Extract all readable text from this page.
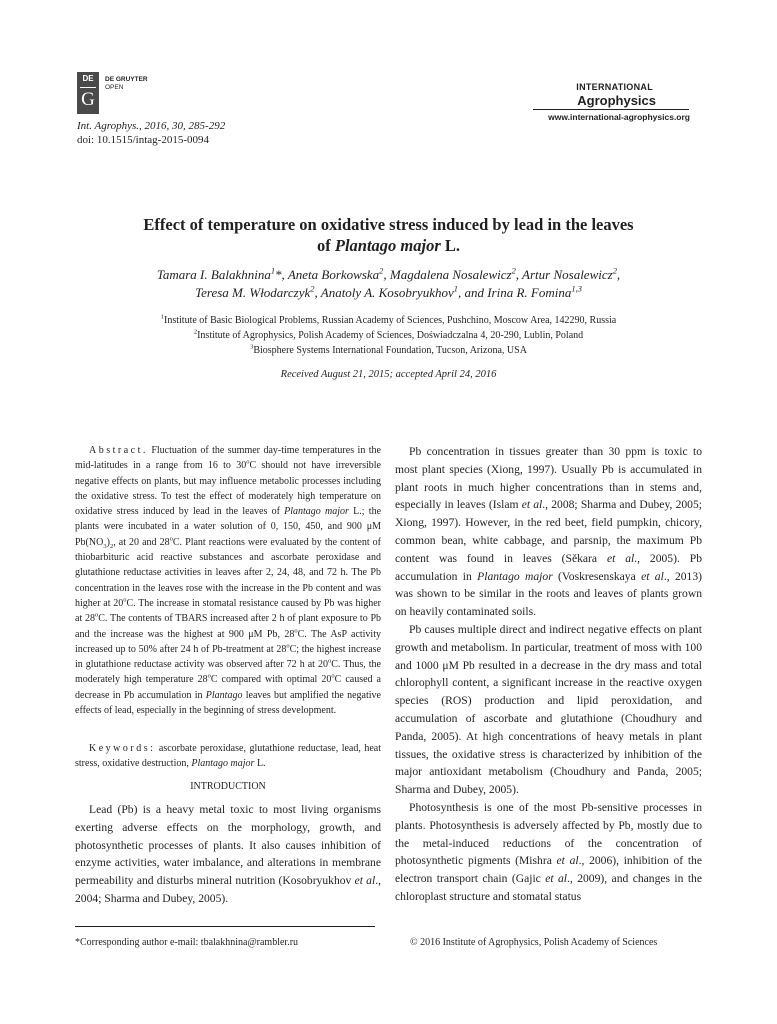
DE
G
DE GRUYTER
OPEN
Int. Agrophys., 2016, 30, 285-292
doi: 10.1515/intag-2015-0094
INTERNATIONAL
Agrophysics
www.international-agrophysics.org
Effect of temperature on oxidative stress induced by lead in the leaves
of Plantago major L.
Tamara I. Balakhnina$^1$*, Aneta Borkowska$^2$, Magdalena Nosalewicz$^2$, Artur Nosalewicz$^2$,
Teresa M. Włodarczyk$^2$, Anatoly A. Kosobryukhov$^1$, and Irina R. Fomina$^{1,3}$
$^1$Institute of Basic Biological Problems, Russian Academy of Sciences, Pushchino, Moscow Area, 142290, Russia
$^2$Institute of Agrophysics, Polish Academy of Sciences, Doświadczalna 4, 20-290, Lublin, Poland
$^3$Biosphere Systems International Foundation, Tucson, Arizona, USA
Received August 21, 2015; accepted April 24, 2016

Abstract. Fluctuation of the summer day-time temperatures in the mid-latitudes in a range from 16 to 30$^o$C should not have irreversible negative effects on plants, but may influence metabolic processes including the oxidative stress. To test the effect of moderately high temperature on oxidative stress induced by lead in the leaves of Plantago major L.; the plants were incubated in a water solution of 0, 150, 450, and 900 μM $Pb(NO_3)_2$, at 20 and 28$^o$C. Plant reactions were evaluated by the content of thiobarbituric acid reactive substances and ascorbate peroxidase and glutathione reductase activities in leaves after 2, 24, 48, and 72 h. The Pb concentration in the leaves rose with the increase in the Pb content and was higher at 20$^o$C. The increase in stomatal resistance caused by Pb was higher at 28$^o$C. The contents of TBARS increased after 2 h of plant exposure to Pb and the increase was the highest at 900 μM Pb, 28$^o$C. The AsP activity increased up to 50% after 24 h of Pb-treatment at 28$^o$C; the highest increase in glutathione reductase activity was observed after 72 h at 20$^o$C. Thus, the moderately high temperature 28$^o$C compared with optimal 20$^o$C caused a decrease in Pb accumulation in Plantago leaves but amplified the negative effects of lead, especially in the beginning of stress development.

Keywords: ascorbate peroxidase, glutathione reductase, lead, heat stress, oxidative destruction, Plantago major L.

INTRODUCTION

Lead (Pb) is a heavy metal toxic to most living organisms exerting adverse effects on the morphology, growth, and photosynthetic processes of plants. It also causes inhibition of enzyme activities, water imbalance, and alterations in membrane permeability and disturbs mineral nutrition (Kosobryukhov et al., 2004; Sharma and Dubey, 2005).

Pb concentration in tissues greater than 30 ppm is toxic to most plant species (Xiong, 1997). Usually Pb is accumulated in plant roots in much higher concentrations than in stems and, especially in leaves (Islam et al., 2008; Sharma and Dubey, 2005; Xiong, 1997). However, in the red beet, field pumpkin, chicory, common bean, white cabbage, and parsnip, the maximum Pb content was found in leaves (Sěkara et al., 2005). Pb accumulation in Plantago major (Voskresenskaya et al., 2013) was shown to be similar in the roots and leaves of plants grown on heavily contaminated soils.

Pb causes multiple direct and indirect negative effects on plant growth and metabolism. In particular, treatment of moss with 100 and 1000 μM Pb resulted in a decrease in the dry mass and total chlorophyll content, a significant increase in the reactive oxygen species (ROS) production and lipid peroxidation, and accumulation of ascorbate and glutathione (Choudhury and Panda, 2005). At high concentrations of heavy metals in plant tissues, the oxidative stress is characterized by inhibition of the major antioxidant metabolism (Choudhury and Panda, 2005; Sharma and Dubey, 2005).

Photosynthesis is one of the most Pb-sensitive processes in plants. Photosynthesis is adversely affected by Pb, mostly due to the metal-induced reductions of the concentration of photosynthetic pigments (Mishra et al., 2006), inhibition of the electron transport chain (Gajic et al., 2009), and changes in the chloroplast structure and stomatal status

*Corresponding author e-mail: tbalakhnina@rambler.ru	© 2016 Institute of Agrophysics, Polish Academy of Sciences
